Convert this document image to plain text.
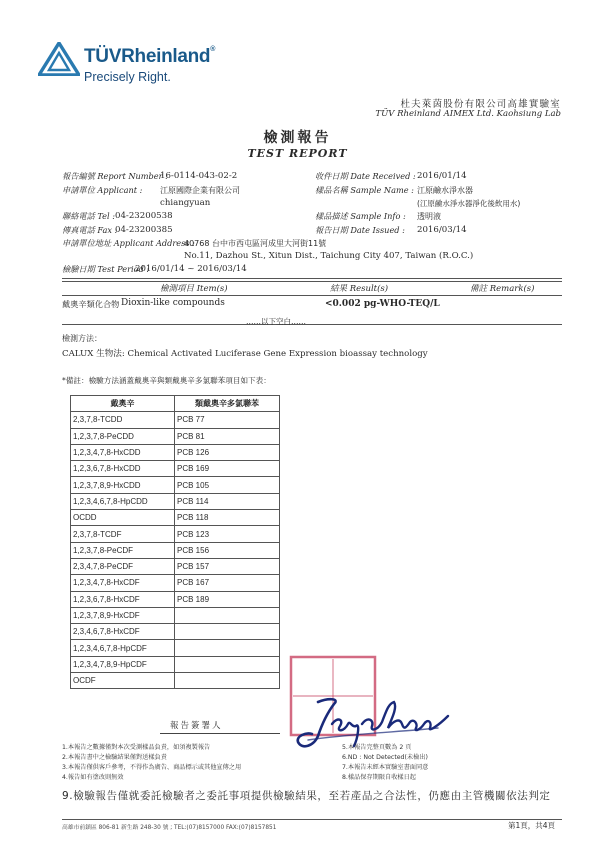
TÜVRheinland®
Precisely Right.
杜夫萊茵股份有限公司高雄實驗室
TÜV Rheinland AIMEX Ltd. Kaohsiung Lab
檢測報告
TEST REPORT
報告編號 Report Number :
16-0114-043-02-2
申請單位 Applicant : 江原國際企業有限公司
chiangyuan
聯絡電話 Tel : 04-23200538
傳真電話 Fax :
04-23200385
申請單位地址 Applicant Address :
40768 台中市西屯區河成里大河街11號
No.11, Dazhou St., Xitun Dist., Taichung City 407, Taiwan (R.O.C.)
檢驗日期 Test Period :
2016/01/14 ~ 2016/03/14
收件日期 Date Received : 2016/01/14
樣品名稱 Sample Name : 江原鹼水淨水器
(江原鹼水淨水器淨化後飲用水)
樣品描述 Sample Info : 透明液
報告日期 Date Issued : 2016/03/14
檢測項目 Item(s)	結果 Result(s)	備註 Remark(s)
戴奧辛類化合物 Dioxin-like compounds	<0.002 pg-WHO-TEQ/L
……以下空白……
檢測方法：
CALUX 生物法: Chemical Activated Luciferase Gene Expression bioassay technology
*備註：檢驗方法涵蓋戴奧辛與類戴奧辛多氯聯苯項目如下表：
戴奧辛	類戴奧辛多氯聯苯
2,3,7,8-TCDD	PCB 77
1,2,3,7,8-PeCDD	PCB 81
1,2,3,4,7,8-HxCDD	PCB 126
1,2,3,6,7,8-HxCDD	PCB 169
1,2,3,7,8,9-HxCDD	PCB 105
1,2,3,4,6,7,8-HpCDD	PCB 114
OCDD	PCB 118
2,3,7,8-TCDF	PCB 123
1,2,3,7,8-PeCDF	PCB 156
2,3,4,7,8-PeCDF	PCB 157
1,2,3,4,7,8-HxCDF	PCB 167
1,2,3,6,7,8-HxCDF	PCB 189
1,2,3,7,8,9-HxCDF	
2,3,4,6,7,8-HxCDF	
1,2,3,4,6,7,8-HpCDF	
1,2,3,4,7,8,9-HpCDF	
OCDF	
報告簽署人
1.本報告之數據僅對本次受測樣品負責，如須複製報告
2.本報告書中之檢驗結果僅對送樣負責
3.本報告僅供客戶參考，不得作為廣告、商品標示或其他宣傳之用
4.報告如有塗改則無效
5.本報告完整頁數為 2 頁
6.ND : Not Detected(未檢出)
7.本報告未經本實驗室書面同意
8.樣品保存期限自收樣日起
9.檢驗報告僅就委託檢驗者之委託事項提供檢驗結果，至若產品之合法性，仍應由主管機關依法判定
高雄市前鎮區 806-81 新生路 248-30 號 ; TEL:(07)8157000 FAX:(07)8157851	第1頁，共4頁
